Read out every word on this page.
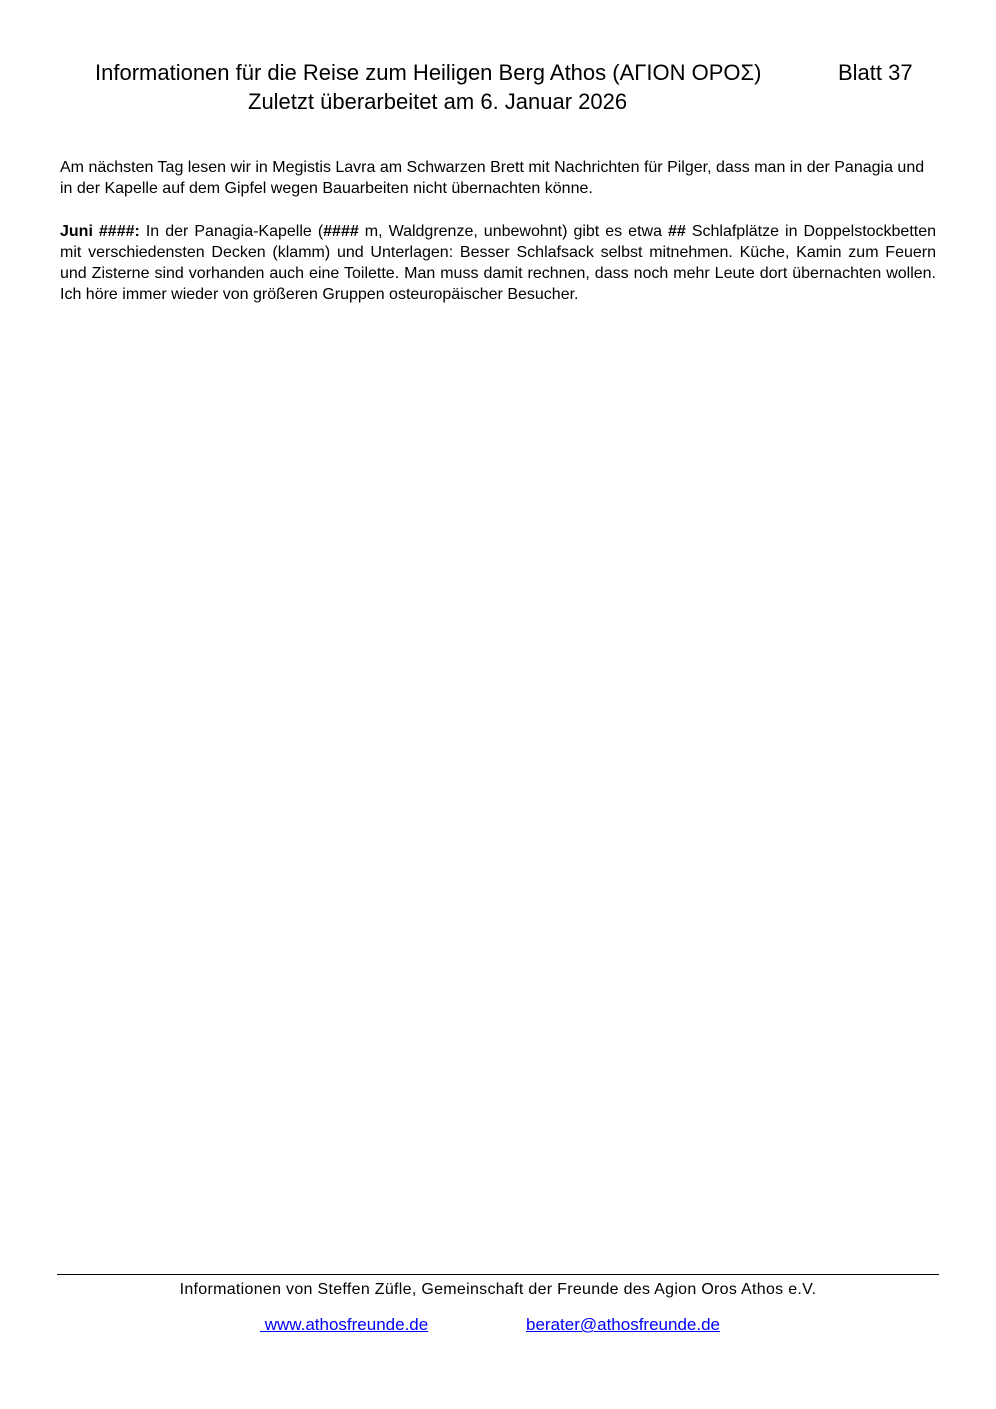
Informationen für die Reise zum Heiligen Berg Athos (ΑΓΙΟΝ ΟΡΟΣ)	Blatt 37
Zuletzt überarbeitet am 6. Januar 2026

Am nächsten Tag lesen wir in Megistis Lavra am Schwarzen Brett mit Nachrichten für Pilger, dass man in der Panagia und in der Kapelle auf dem Gipfel wegen Bauarbeiten nicht übernachten könne.

Juni ####: In der Panagia-Kapelle (#### m, Waldgrenze, unbewohnt) gibt es etwa ## Schlafplätze in Doppelstockbetten mit verschiedensten Decken (klamm) und Unterlagen: Besser Schlafsack selbst mitnehmen. Küche, Kamin zum Feuern und Zisterne sind vorhanden auch eine Toilette. Man muss damit rechnen, dass noch mehr Leute dort übernachten wollen. Ich höre immer wieder von größeren Gruppen osteuropäischer Besucher.

Informationen von Steffen Züfle, Gemeinschaft der Freunde des Agion Oros Athos e.V.
www.athosfreunde.de	berater@athosfreunde.de
